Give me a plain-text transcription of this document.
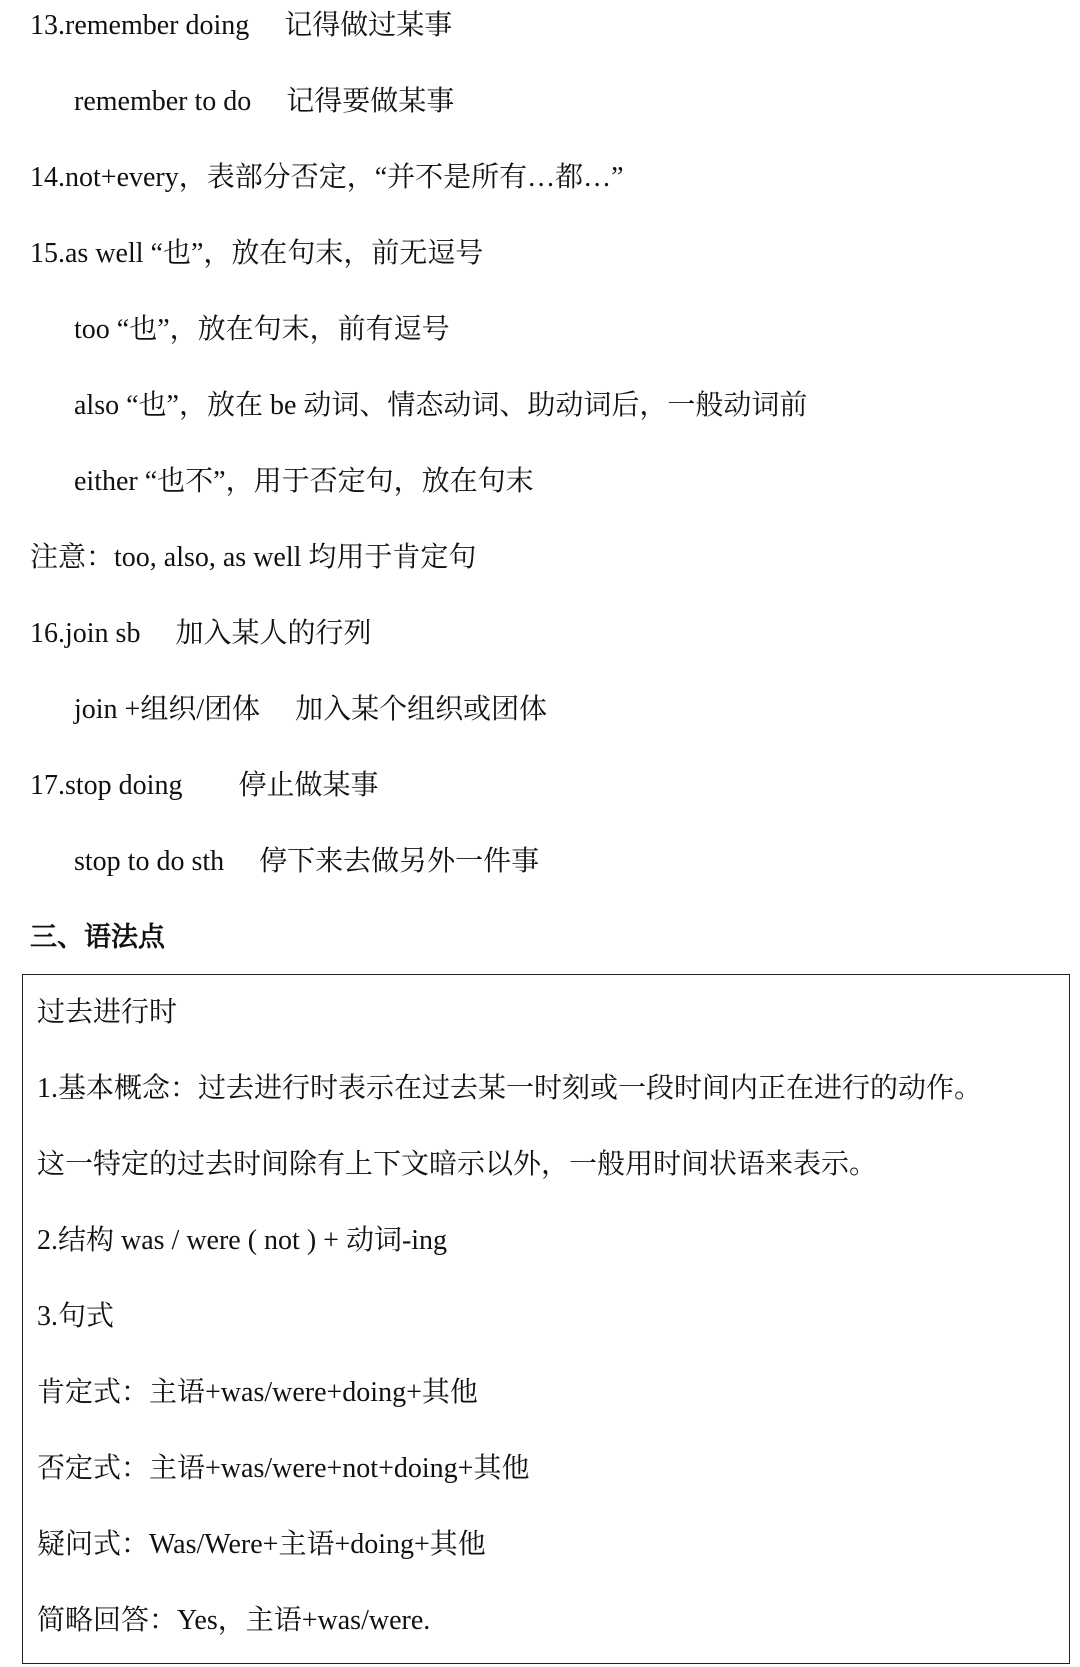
13.remember doing　 记得做过某事
remember to do　 记得要做某事
14.not+every，表部分否定，“并不是所有…都…”
15.as well “也”，放在句末，前无逗号
too “也”，放在句末，前有逗号
also “也”，放在 be 动词、情态动词、助动词后，一般动词前
either “也不”，用于否定句，放在句末
注意：too, also, as well 均用于肯定句
16.join sb　 加入某人的行列
join +组织/团体　 加入某个组织或团体
17.stop doing　　停止做某事
stop to do sth　 停下来去做另外一件事
三、语法点
过去进行时
1.基本概念：过去进行时表示在过去某一时刻或一段时间内正在进行的动作。
这一特定的过去时间除有上下文暗示以外，一般用时间状语来表示。
2.结构 was / were ( not ) + 动词-ing
3.句式
肯定式：主语+was/were+doing+其他
否定式：主语+was/were+not+doing+其他
疑问式：Was/Were+主语+doing+其他
简略回答：Yes，主语+was/were.
